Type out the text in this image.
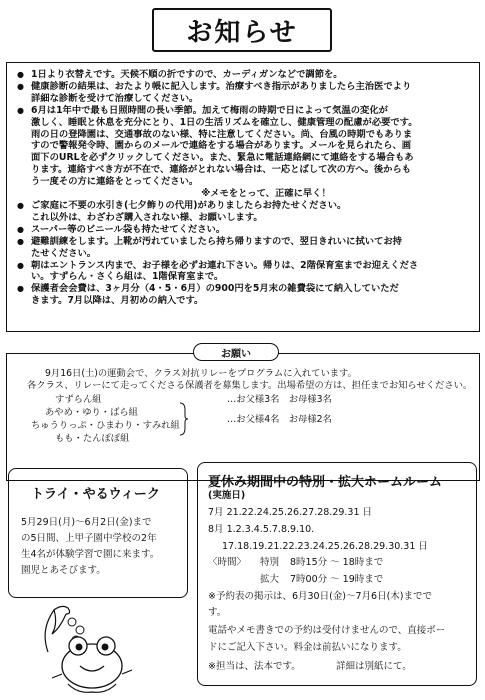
お知らせ
● 1日より衣替えです。天候不順の折ですので、カーディガンなどで調節を。
● 健康診断の結果は、おたより帳に記入します。治療すべき指示がありましたら主治医でより
詳細な診断を受けて治療してください。
● 6月は1年中で最も日照時間の長い季節。加えて梅雨の時期で日によって気温の変化が
激しく、睡眠と休息を充分にとり、1日の生活リズムを確立し、健康管理の配慮が必要です。
雨の日の登降園は、交通事故のない様、特に注意してください。尚、台風の時期でもありま
すので警報発令時、園からのメールで連絡をする場合があります。メールを見られたら、画
面下のURLを必ずクリックしてください。また、緊急に電話連絡網にて連絡をする場合もあ
ります。連絡すべき方が不在で、連絡がとれない場合は、一応とばして次の方へ。後からも
う一度その方に連絡をとってください。
※メモをとって、正確に早く！
● ご家庭に不要の水引き(七夕飾りの代用)がありましたらお持たせください。
これ以外は、わざわざ購入されない様、お願いします。
● スーパー等のビニール袋も持たせてください。
● 避難訓練をします。上靴が汚れていましたら持ち帰りますので、翌日きれいに拭いてお持
たせください。
● 朝はエントランス内まで、お子様を必ずお連れ下さい。帰りは、2階保育室までお迎えくださ
い。すずらん・さくら組は、1階保育室まで。
● 保護者会会費は、3ヶ月分（4・5・6月）の900円を5月末の雑費袋にて納入していただ
きます。7月以降は、月初めの納入です。
9月16日(土)の運動会で、クラス対抗リレーをプログラムに入れています。
各クラス、リレーにて走ってくださる保護者を募集します。出場希望の方は、担任までお知らせください。
すずらん組	…お父様3名　お母様3名
あやめ・ゆり・ばら組
ちゅうりっぷ・ひまわり・すみれ組
もも・たんぽぽ組
…お父様4名　お母様2名
お願い
トライ・やるウィーク
5月29日(月)～6月2日(金)まで
の5日間、上甲子園中学校の2年
生4名が体験学習で園に来ます。
園児とあそびます。
夏休み期間中の特別・拡大ホームルーム
(実施日)
7月 21.22.24.25.26.27.28.29.31 日
8月 1.2.3.4.5.7.8.9.10.
17.18.19.21.22.23.24.25.26.28.29.30.31 日
〈時間〉 特別 8時15分 ～ 18時まで
拡大 7時00分 ～ 19時まで
※予約表の掲示は、6月30日(金)～7月6日(木)までで
す。
電話やメモ書きでの予約は受付けませんので、直接ボー
ドにご記入下さい。料金は前払いになります。
※担当は、法本です。	詳細は別紙にて。
